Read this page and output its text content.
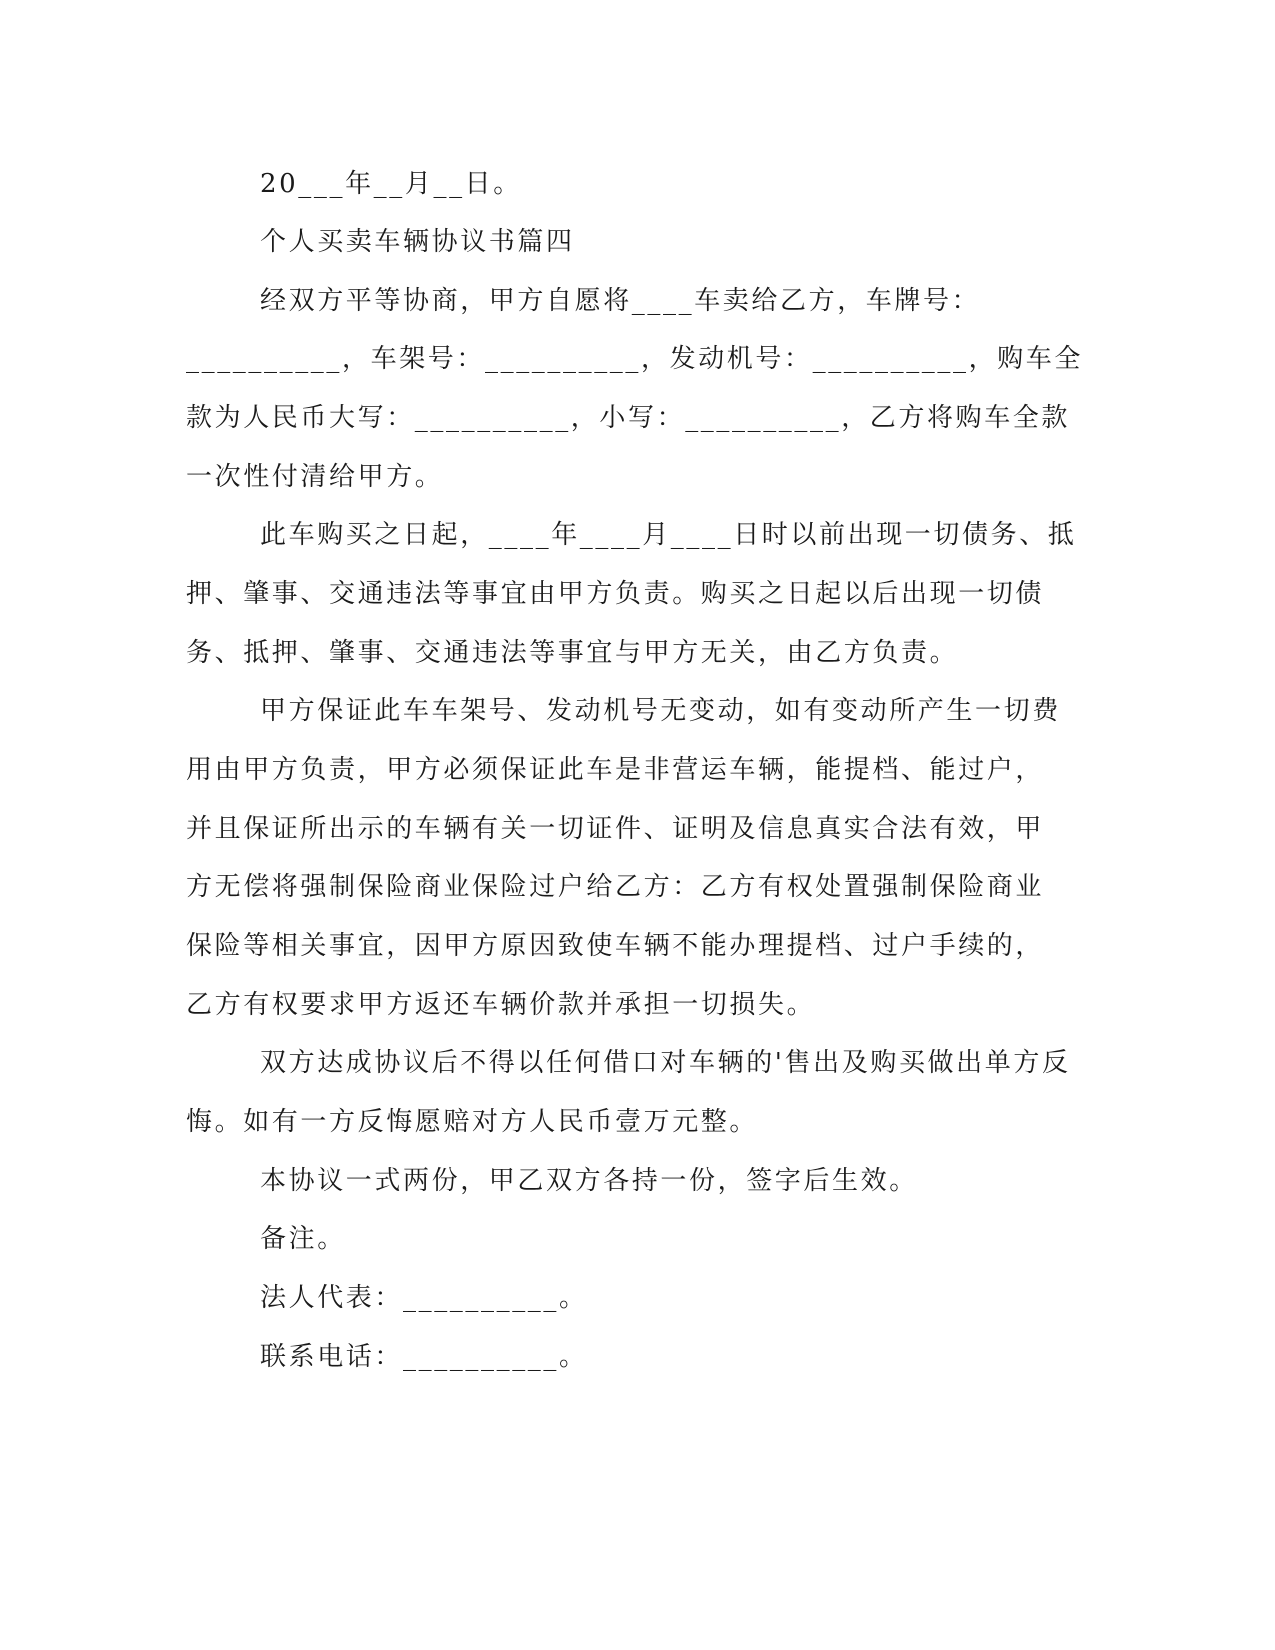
20___年__月__日。
个人买卖车辆协议书篇四
经双方平等协商，甲方自愿将____车卖给乙方，车牌号：
__________，车架号：__________，发动机号：__________，购车全
款为人民币大写：__________，小写：__________，乙方将购车全款
一次性付清给甲方。
此车购买之日起，____年____月____日时以前出现一切债务、抵
押、肇事、交通违法等事宜由甲方负责。购买之日起以后出现一切债
务、抵押、肇事、交通违法等事宜与甲方无关，由乙方负责。
甲方保证此车车架号、发动机号无变动，如有变动所产生一切费
用由甲方负责，甲方必须保证此车是非营运车辆，能提档、能过户，
并且保证所出示的车辆有关一切证件、证明及信息真实合法有效，甲
方无偿将强制保险商业保险过户给乙方：乙方有权处置强制保险商业
保险等相关事宜，因甲方原因致使车辆不能办理提档、过户手续的，
乙方有权要求甲方返还车辆价款并承担一切损失。
双方达成协议后不得以任何借口对车辆的'售出及购买做出单方反
悔。如有一方反悔愿赔对方人民币壹万元整。
本协议一式两份，甲乙双方各持一份，签字后生效。
备注。
法人代表：__________。
联系电话：__________。
